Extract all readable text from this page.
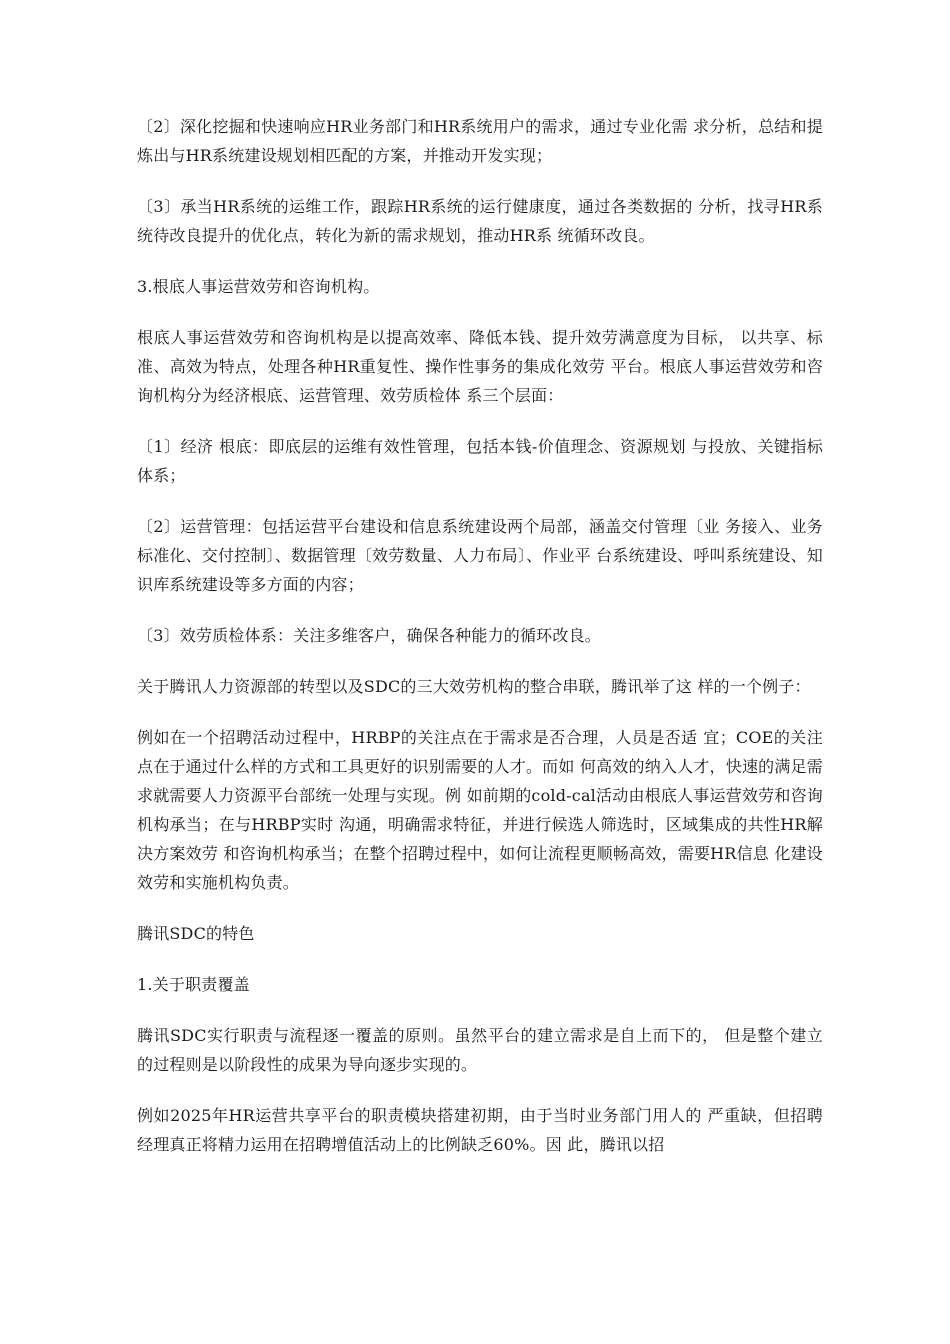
〔2〕深化挖掘和快速响应HR业务部门和HR系统用户的需求，通过专业化需 求分析，总结和提炼出与HR系统建设规划相匹配的方案，并推动开发实现；

〔3〕承当HR系统的运维工作，跟踪HR系统的运行健康度，通过各类数据的 分析，找寻HR系统待改良提升的优化点，转化为新的需求规划，推动HR系 统循环改良。

3.根底人事运营效劳和咨询机构。

根底人事运营效劳和咨询机构是以提高效率、降低本钱、提升效劳满意度为目标， 以共享、标准、高效为特点，处理各种HR重复性、操作性事务的集成化效劳 平台。根底人事运营效劳和咨询机构分为经济根底、运营管理、效劳质检体 系三个层面：

〔1〕经济 根底：即底层的运维有效性管理，包括本钱-价值理念、资源规划 与投放、关键指标体系；

〔2〕运营管理：包括运营平台建设和信息系统建设两个局部，涵盖交付管理〔业 务接入、业务标准化、交付控制〕、数据管理〔效劳数量、人力布局〕、作业平 台系统建设、呼叫系统建设、知识库系统建设等多方面的内容；

〔3〕效劳质检体系：关注多维客户，确保各种能力的循环改良。

关于腾讯人力资源部的转型以及SDC的三大效劳机构的整合串联，腾讯举了这 样的一个例子：

例如在一个招聘活动过程中，HRBP的关注点在于需求是否合理，人员是否适 宜；COE的关注点在于通过什么样的方式和工具更好的识别需要的人才。而如 何高效的纳入人才，快速的满足需求就需要人力资源平台部统一处理与实现。例 如前期的cold-cal活动由根底人事运营效劳和咨询机构承当；在与HRBP实时 沟通，明确需求特征，并进行候选人筛选时，区域集成的共性HR解决方案效劳 和咨询机构承当；在整个招聘过程中，如何让流程更顺畅高效，需要HR信息 化建设效劳和实施机构负责。

腾讯SDC的特色

1.关于职责覆盖

腾讯SDC实行职责与流程逐一覆盖的原则。虽然平台的建立需求是自上而下的， 但是整个建立的过程则是以阶段性的成果为导向逐步实现的。

例如2025年HR运营共享平台的职责模块搭建初期，由于当时业务部门用人的 严重缺，但招聘经理真正将精力运用在招聘增值活动上的比例缺乏60%。因 此，腾讯以招
